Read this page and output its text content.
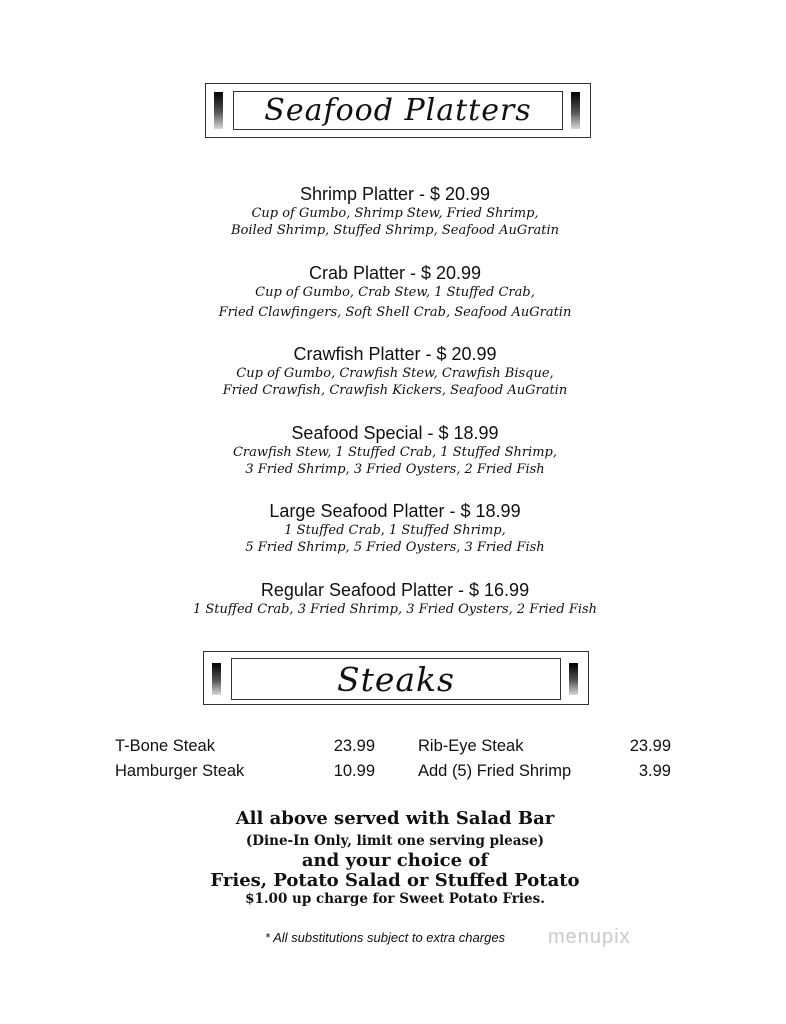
Seafood Platters
Shrimp Platter - $ 20.99
Cup of Gumbo, Shrimp Stew, Fried Shrimp,
Boiled Shrimp, Stuffed Shrimp, Seafood AuGratin
Crab Platter - $ 20.99
Cup of Gumbo, Crab Stew, 1 Stuffed Crab,
Fried Clawfingers, Soft Shell Crab, Seafood AuGratin
Crawfish Platter - $ 20.99
Cup of Gumbo, Crawfish Stew, Crawfish Bisque,
Fried Crawfish, Crawfish Kickers, Seafood AuGratin
Seafood Special - $ 18.99
Crawfish Stew, 1 Stuffed Crab, 1 Stuffed Shrimp,
3 Fried Shrimp, 3 Fried Oysters, 2 Fried Fish
Large Seafood Platter - $ 18.99
1 Stuffed Crab, 1 Stuffed Shrimp,
5 Fried Shrimp, 5 Fried Oysters, 3 Fried Fish
Regular Seafood Platter - $ 16.99
1 Stuffed Crab, 3 Fried Shrimp, 3 Fried Oysters, 2 Fried Fish
Steaks
T-Bone Steak	23.99	Rib-Eye Steak	23.99
Hamburger Steak	10.99	Add (5) Fried Shrimp	3.99
All above served with Salad Bar
(Dine-In Only, limit one serving please)
and your choice of
Fries, Potato Salad or Stuffed Potato
$1.00 up charge for Sweet Potato Fries.
* All substitutions subject to extra charges	menupix
